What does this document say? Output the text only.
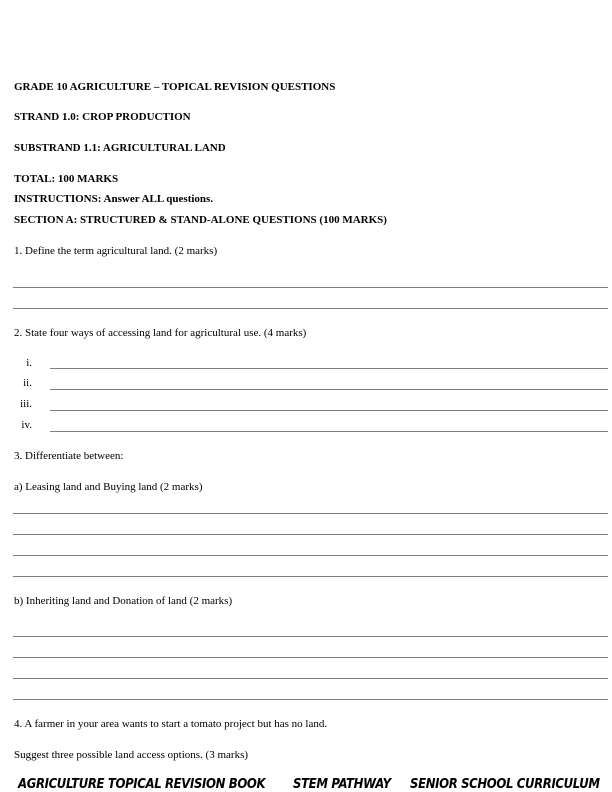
GRADE 10 AGRICULTURE – TOPICAL REVISION QUESTIONS
STRAND 1.0: CROP PRODUCTION
SUBSTRAND 1.1: AGRICULTURAL LAND
TOTAL: 100 MARKS
INSTRUCTIONS: Answer ALL questions.
SECTION A: STRUCTURED & STAND-ALONE QUESTIONS (100 MARKS)
1. Define the term agricultural land. (2 marks)
2. State four ways of accessing land for agricultural use. (4 marks)
i.
ii.
iii.
iv.
3. Differentiate between:
a) Leasing land and Buying land (2 marks)
b) Inheriting land and Donation of land (2 marks)
4. A farmer in your area wants to start a tomato project but has no land.
Suggest three possible land access options. (3 marks)
AGRICULTURE TOPICAL REVISION BOOK STEM PATHWAY SENIOR SCHOOL CURRICULUM
